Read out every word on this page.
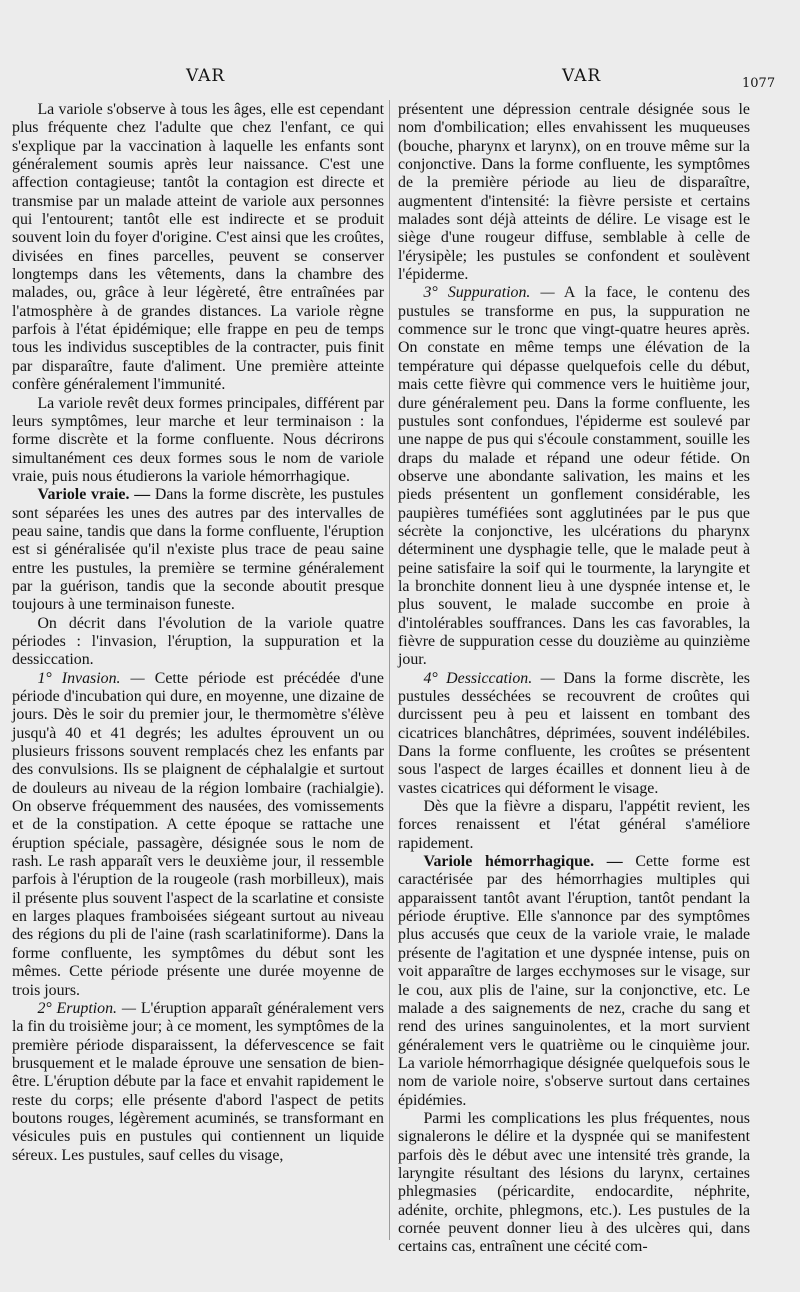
VAR	VAR	1077

La variole s'observe à tous les âges, elle est cependant plus fréquente chez l'adulte que chez l'enfant, ce qui s'explique par la vaccination à laquelle les enfants sont généralement soumis après leur naissance. C'est une affection contagieuse; tantôt la contagion est directe et transmise par un malade atteint de variole aux personnes qui l'entourent; tantôt elle est indirecte et se produit souvent loin du foyer d'origine. C'est ainsi que les croûtes, divisées en fines parcelles, peuvent se conserver longtemps dans les vêtements, dans la chambre des malades, ou, grâce à leur légèreté, être entraînées par l'atmosphère à de grandes distances. La variole règne parfois à l'état épidémique; elle frappe en peu de temps tous les individus susceptibles de la contracter, puis finit par disparaître, faute d'aliment. Une première atteinte confère généralement l'immunité.

La variole revêt deux formes principales, différent par leurs symptômes, leur marche et leur terminaison : la forme discrète et la forme confluente. Nous décrirons simultanément ces deux formes sous le nom de variole vraie, puis nous étudierons la variole hémorrhagique.

Variole vraie. — Dans la forme discrète, les pustules sont séparées les unes des autres par des intervalles de peau saine, tandis que dans la forme confluente, l'éruption est si généralisée qu'il n'existe plus trace de peau saine entre les pustules, la première se termine généralement par la guérison, tandis que la seconde aboutit presque toujours à une terminaison funeste.

On décrit dans l'évolution de la variole quatre périodes : l'invasion, l'éruption, la suppuration et la dessiccation.

1° Invasion. — Cette période est précédée d'une période d'incubation qui dure, en moyenne, une dizaine de jours. Dès le soir du premier jour, le thermomètre s'élève jusqu'à 40 et 41 degrés; les adultes éprouvent un ou plusieurs frissons souvent remplacés chez les enfants par des convulsions. Ils se plaignent de céphalalgie et surtout de douleurs au niveau de la région lombaire (rachialgie). On observe fréquemment des nausées, des vomissements et de la constipation. A cette époque se rattache une éruption spéciale, passagère, désignée sous le nom de rash. Le rash apparaît vers le deuxième jour, il ressemble parfois à l'éruption de la rougeole (rash morbilleux), mais il présente plus souvent l'aspect de la scarlatine et consiste en larges plaques framboisées siégeant surtout au niveau des régions du pli de l'aine (rash scarlatiniforme). Dans la forme confluente, les symptômes du début sont les mêmes. Cette période présente une durée moyenne de trois jours.

2° Eruption. — L'éruption apparaît généralement vers la fin du troisième jour; à ce moment, les symptômes de la première période disparaissent, la défervescence se fait brusquement et le malade éprouve une sensation de bien-être. L'éruption débute par la face et envahit rapidement le reste du corps; elle présente d'abord l'aspect de petits boutons rouges, légèrement acuminés, se transformant en vésicules puis en pustules qui contiennent un liquide séreux. Les pustules, sauf celles du visage,

présentent une dépression centrale désignée sous le nom d'ombilication; elles envahissent les muqueuses (bouche, pharynx et larynx), on en trouve même sur la conjonctive. Dans la forme confluente, les symptômes de la première période au lieu de disparaître, augmentent d'intensité: la fièvre persiste et certains malades sont déjà atteints de délire. Le visage est le siège d'une rougeur diffuse, semblable à celle de l'érysipèle; les pustules se confondent et soulèvent l'épiderme.

3° Suppuration. — A la face, le contenu des pustules se transforme en pus, la suppuration ne commence sur le tronc que vingt-quatre heures après. On constate en même temps une élévation de la température qui dépasse quelquefois celle du début, mais cette fièvre qui commence vers le huitième jour, dure généralement peu. Dans la forme confluente, les pustules sont confondues, l'épiderme est soulevé par une nappe de pus qui s'écoule constamment, souille les draps du malade et répand une odeur fétide. On observe une abondante salivation, les mains et les pieds présentent un gonflement considérable, les paupières tuméfiées sont agglutinées par le pus que sécrète la conjonctive, les ulcérations du pharynx déterminent une dysphagie telle, que le malade peut à peine satisfaire la soif qui le tourmente, la laryngite et la bronchite donnent lieu à une dyspnée intense et, le plus souvent, le malade succombe en proie à d'intolérables souffrances. Dans les cas favorables, la fièvre de suppuration cesse du douzième au quinzième jour.

4° Dessiccation. — Dans la forme discrète, les pustules desséchées se recouvrent de croûtes qui durcissent peu à peu et laissent en tombant des cicatrices blanchâtres, déprimées, souvent indélébiles. Dans la forme confluente, les croûtes se présentent sous l'aspect de larges écailles et donnent lieu à de vastes cicatrices qui déforment le visage.

Dès que la fièvre a disparu, l'appétit revient, les forces renaissent et l'état général s'améliore rapidement.

Variole hémorrhagique. — Cette forme est caractérisée par des hémorrhagies multiples qui apparaissent tantôt avant l'éruption, tantôt pendant la période éruptive. Elle s'annonce par des symptômes plus accusés que ceux de la variole vraie, le malade présente de l'agitation et une dyspnée intense, puis on voit apparaître de larges ecchymoses sur le visage, sur le cou, aux plis de l'aine, sur la conjonctive, etc. Le malade a des saignements de nez, crache du sang et rend des urines sanguinolentes, et la mort survient généralement vers le quatrième ou le cinquième jour. La variole hémorrhagique désignée quelquefois sous le nom de variole noire, s'observe surtout dans certaines épidémies.

Parmi les complications les plus fréquentes, nous signalerons le délire et la dyspnée qui se manifestent parfois dès le début avec une intensité très grande, la laryngite résultant des lésions du larynx, certaines phlegmasies (péricardite, endocardite, néphrite, adénite, orchite, phlegmons, etc.). Les pustules de la cornée peuvent donner lieu à des ulcères qui, dans certains cas, entraînent une cécité com-
